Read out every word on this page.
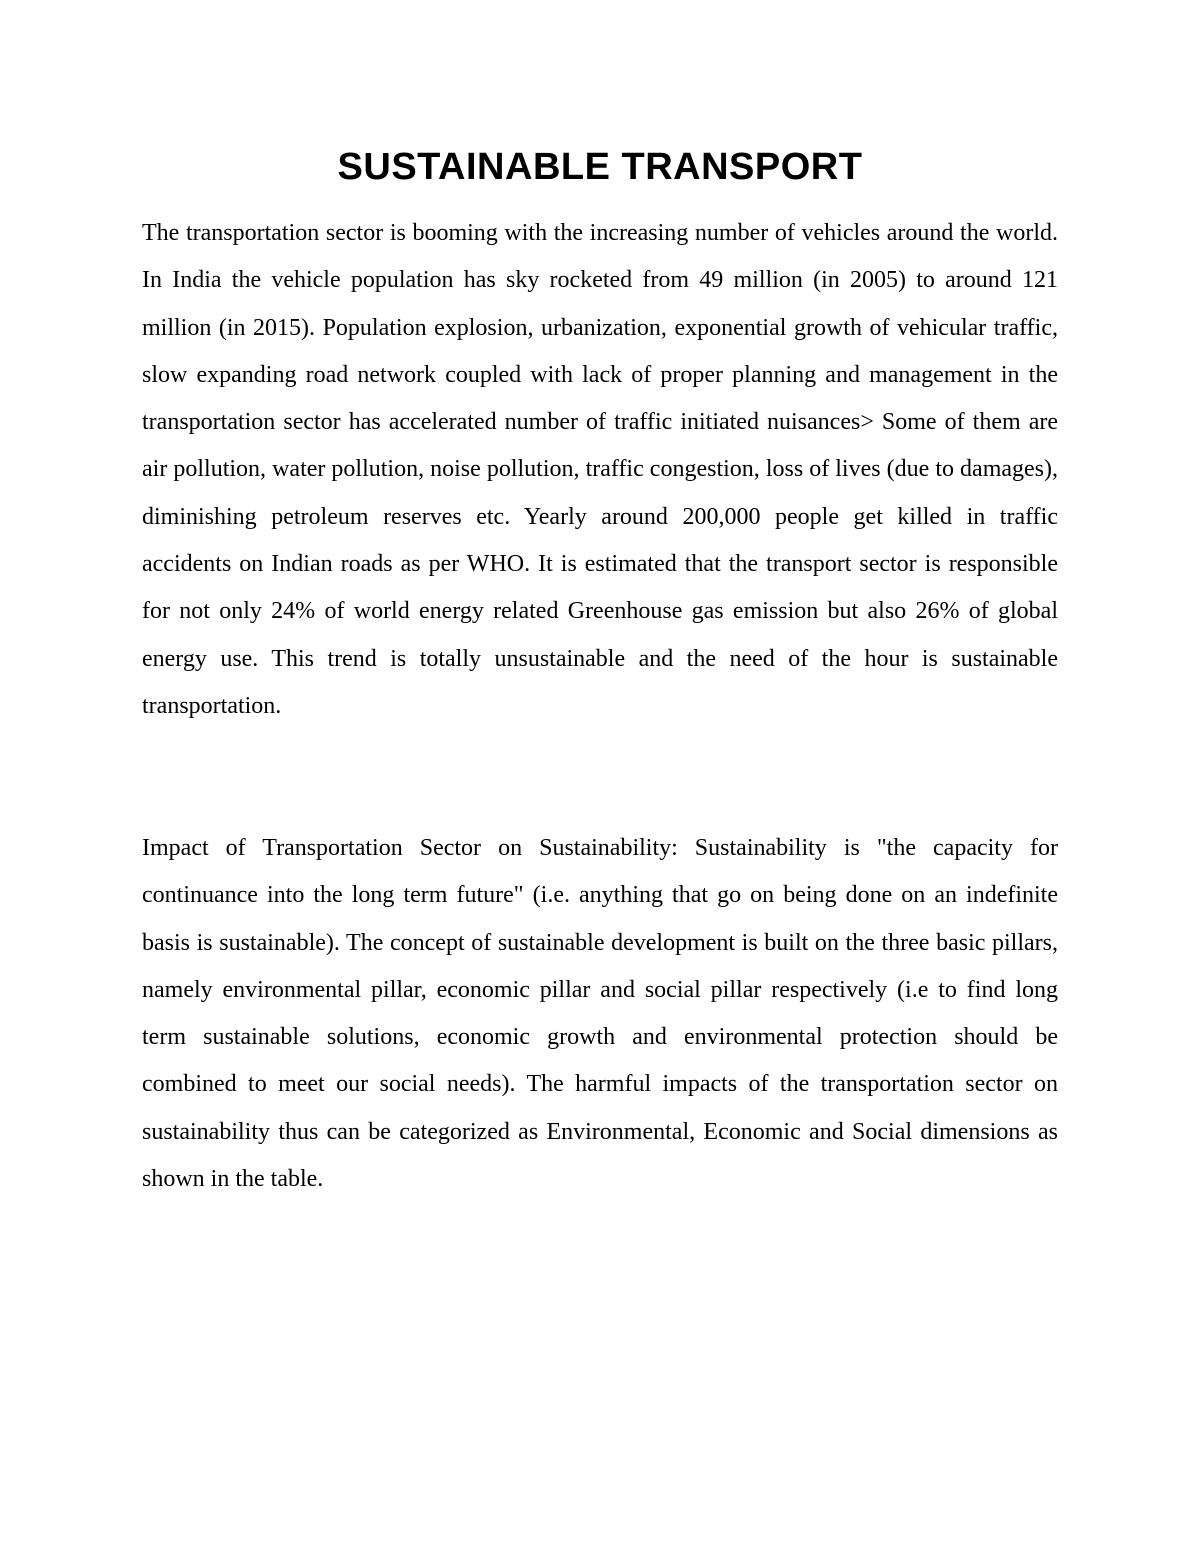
SUSTAINABLE TRANSPORT

The transportation sector is booming with the increasing number of vehicles around the world. In India the vehicle population has sky rocketed from 49 million (in 2005) to around 121 million (in 2015). Population explosion, urbanization, exponential growth of vehicular traffic, slow expanding road network coupled with lack of proper planning and management in the transportation sector has accelerated number of traffic initiated nuisances> Some of them are air pollution, water pollution, noise pollution, traffic congestion, loss of lives (due to damages), diminishing petroleum reserves etc. Yearly around 200,000 people get killed in traffic accidents on Indian roads as per WHO. It is estimated that the transport sector is responsible for not only 24% of world energy related Greenhouse gas emission but also 26% of global energy use. This trend is totally unsustainable and the need of the hour is sustainable transportation.

Impact of Transportation Sector on Sustainability: Sustainability is "the capacity for continuance into the long term future" (i.e. anything that go on being done on an indefinite basis is sustainable). The concept of sustainable development is built on the three basic pillars, namely environmental pillar, economic pillar and social pillar respectively (i.e to find long term sustainable solutions, economic growth and environmental protection should be combined to meet our social needs). The harmful impacts of the transportation sector on sustainability thus can be categorized as Environmental, Economic and Social dimensions as shown in the table.
